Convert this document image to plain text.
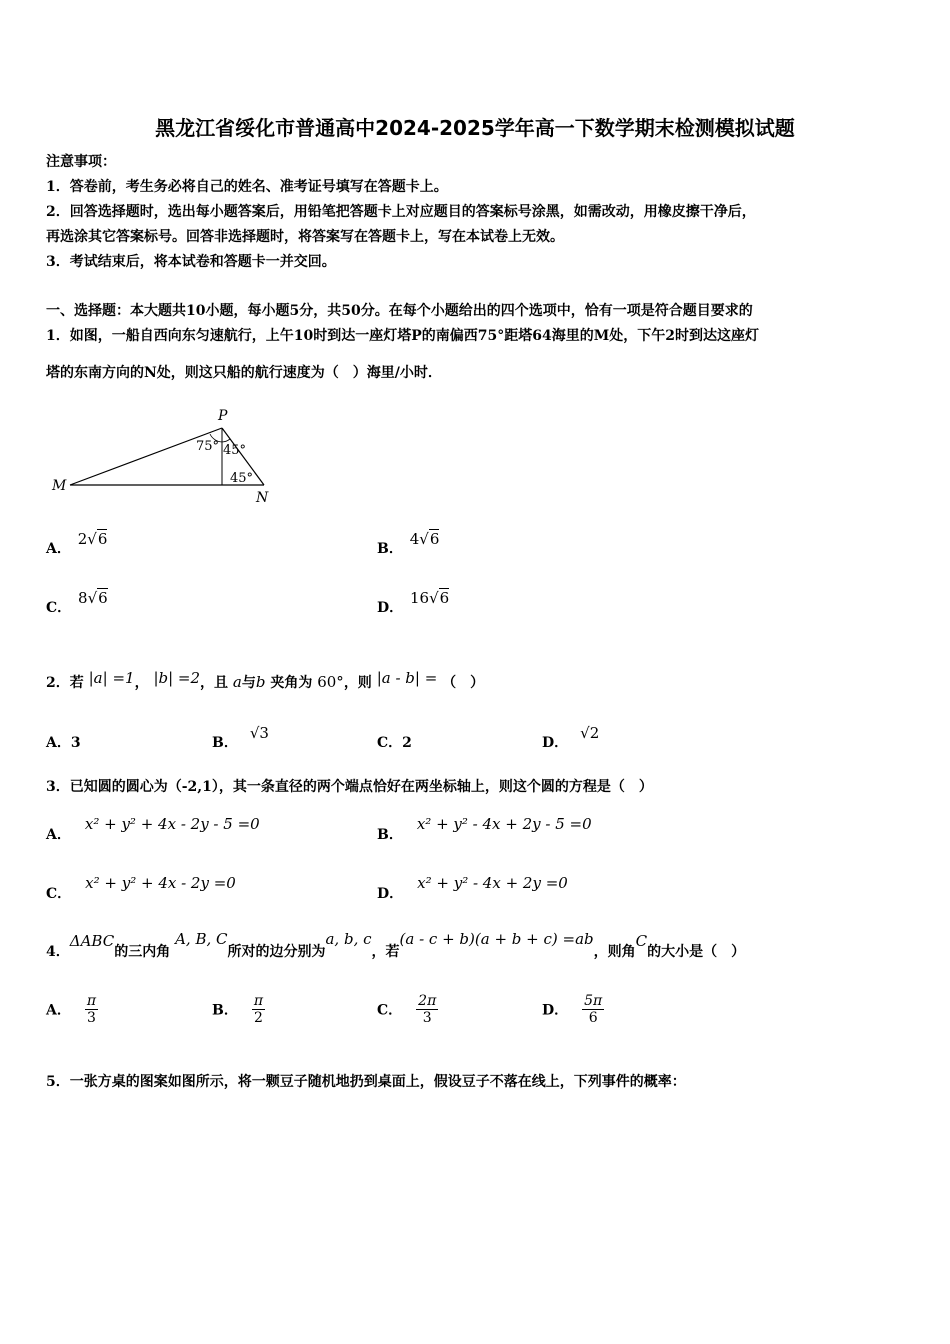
黑龙江省绥化市普通高中2024-2025学年高一下数学期末检测模拟试题
注意事项：
1．答卷前，考生务必将自己的姓名、准考证号填写在答题卡上。
2．回答选择题时，选出每小题答案后，用铅笔把答题卡上对应题目的答案标号涂黑，如需改动，用橡皮擦干净后，
再选涂其它答案标号。回答非选择题时，将答案写在答题卡上，写在本试卷上无效。
3．考试结束后，将本试卷和答题卡一并交回。
一、选择题：本大题共10小题，每小题5分，共50分。在每个小题给出的四个选项中，恰有一项是符合题目要求的
1．如图，一船自西向东匀速航行，上午10时到达一座灯塔P的南偏西75°距塔64海里的M处，下午2时到达这座灯
塔的东南方向的N处，则这只船的航行速度为（　）海里/小时．
P
M
N
75° 45°
45°
A． 2√6
B． 4√6
C． 8√6
D． 16√6
2．若 |a| =1， |b| =2，且 a与b 夹角为 60°，则 |a - b| = （　）
A．3	B．√3
C．2	D．√2
3．已知圆的圆心为（-2,1），其一条直径的两个端点恰好在两坐标轴上，则这个圆的方程是（　）
A．x² + y² + 4x - 2y - 5 =0
B．x² + y² - 4x + 2y - 5 =0
C．x² + y² + 4x - 2y =0
D．x² + y² - 4x + 2y =0
4．ΔABC的三内角 A, B, C所对的边分别为a, b, c，若(a - c + b)(a + b + c) =ab，则角C的大小是（　）
A． $\frac{\pi}{3}$	B． $\frac{\pi}{2}$	C． $\frac{2\pi}{3}$	D． $\frac{5\pi}{6}$
5．一张方桌的图案如图所示，将一颗豆子随机地扔到桌面上，假设豆子不落在线上，下列事件的概率：
